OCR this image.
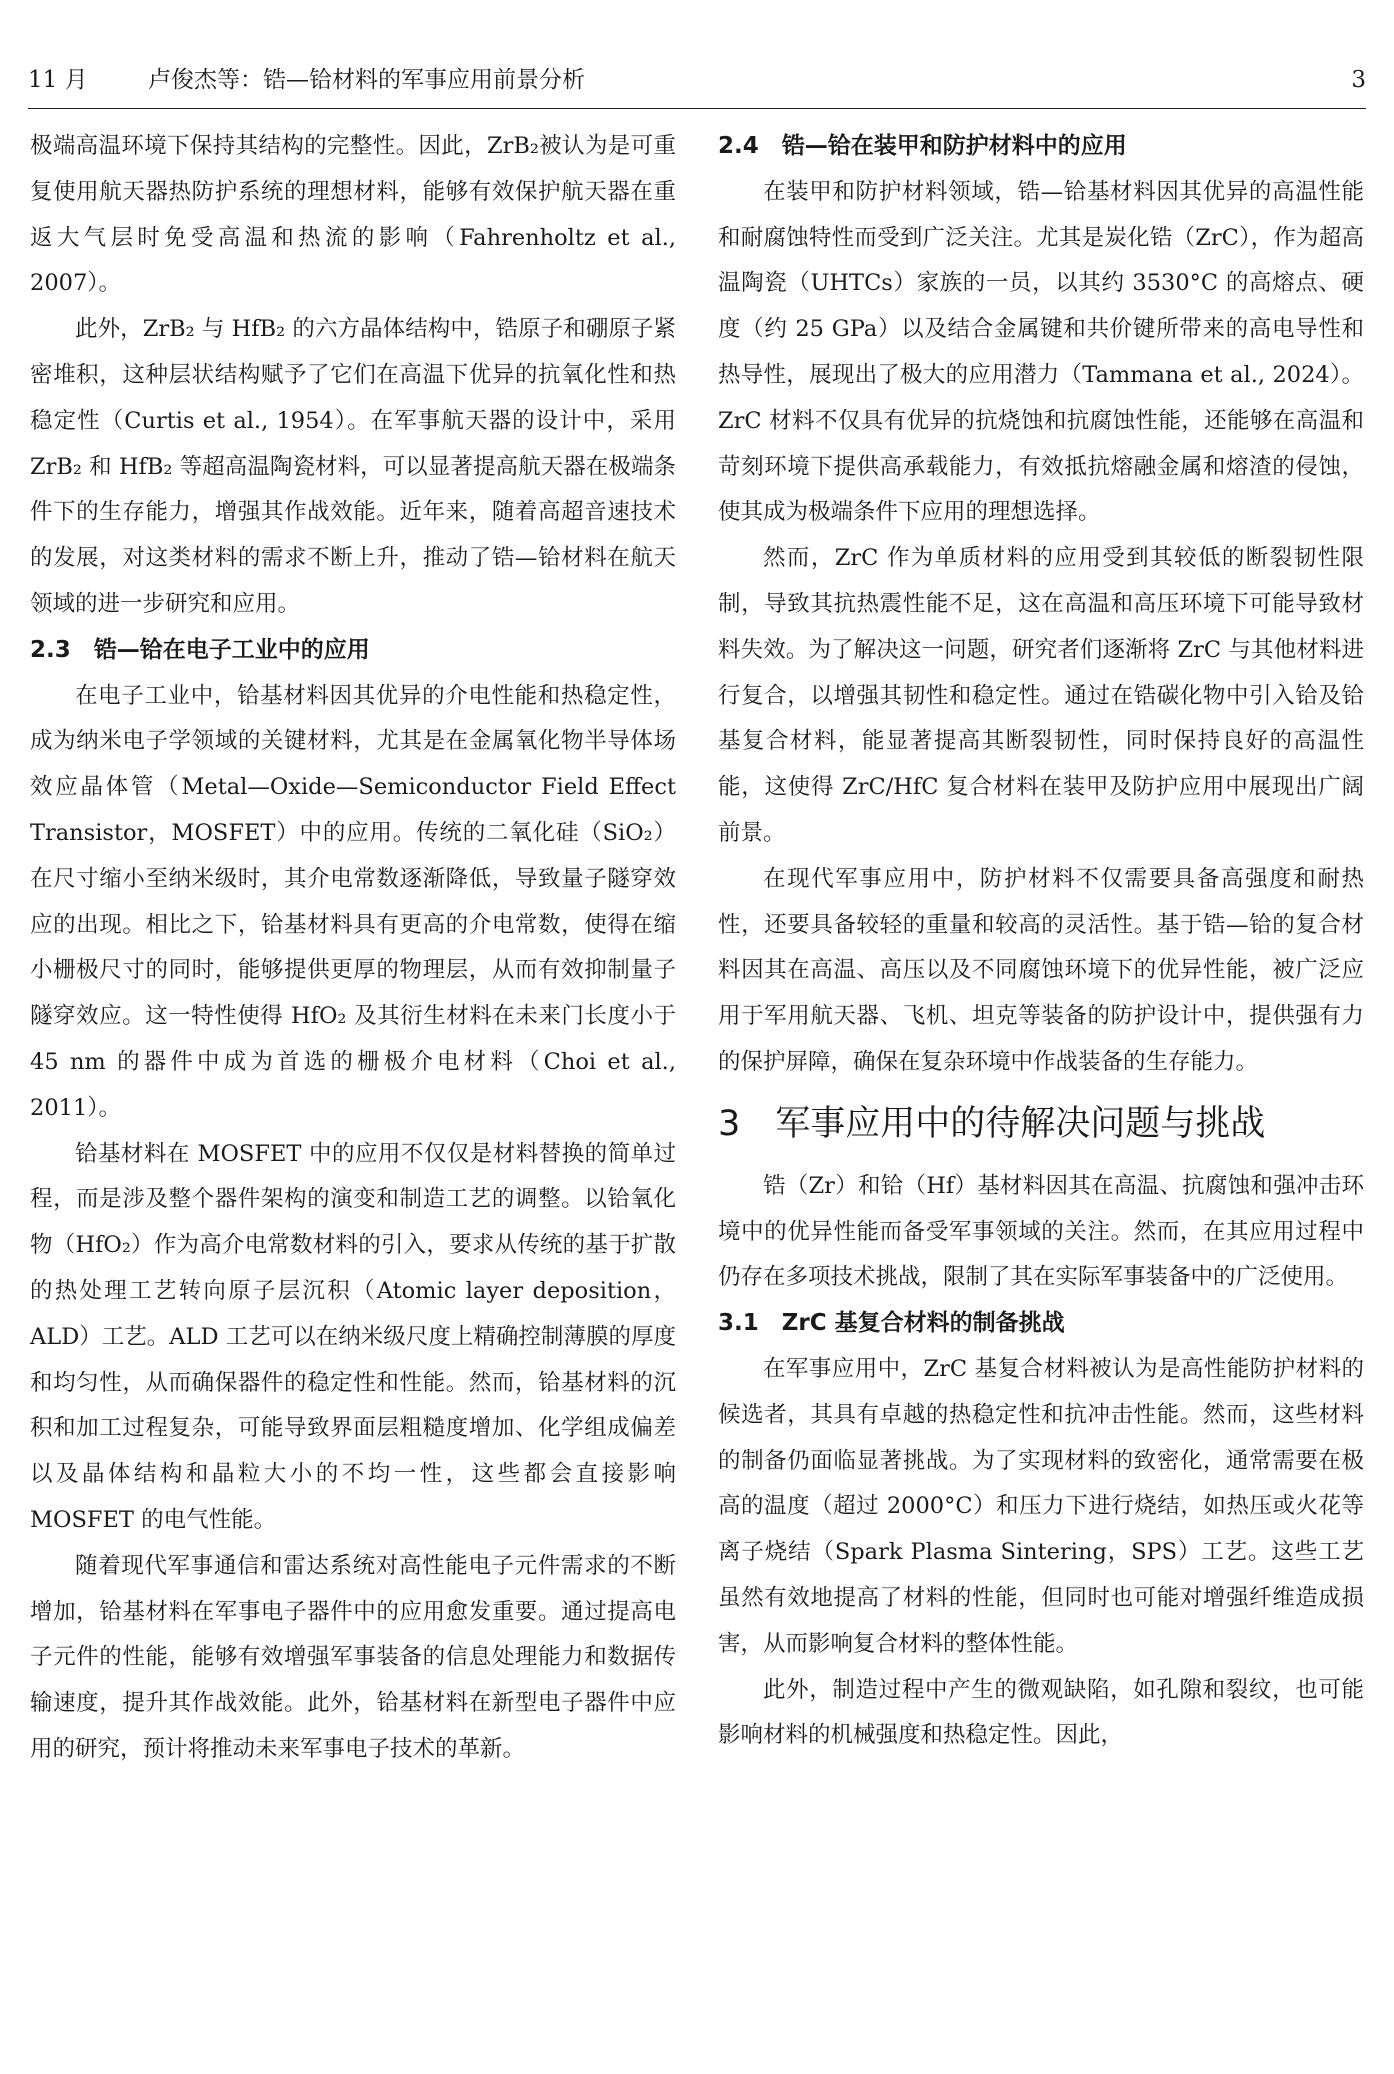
11 月	卢俊杰等：锆—铪材料的军事应用前景分析	3

极端高温环境下保持其结构的完整性。因此，ZrB₂被认为是可重复使用航天器热防护系统的理想材料，能够有效保护航天器在重返大气层时免受高温和热流的影响（Fahrenholtz et al., 2007）。

此外，ZrB₂ 与 HfB₂ 的六方晶体结构中，锆原子和硼原子紧密堆积，这种层状结构赋予了它们在高温下优异的抗氧化性和热稳定性（Curtis et al., 1954）。在军事航天器的设计中，采用 ZrB₂ 和 HfB₂ 等超高温陶瓷材料，可以显著提高航天器在极端条件下的生存能力，增强其作战效能。近年来，随着高超音速技术的发展，对这类材料的需求不断上升，推动了锆—铪材料在航天领域的进一步研究和应用。

2.3　锆—铪在电子工业中的应用

在电子工业中，铪基材料因其优异的介电性能和热稳定性，成为纳米电子学领域的关键材料，尤其是在金属氧化物半导体场效应晶体管（Metal—Oxide—Semiconductor Field Effect Transistor，MOSFET）中的应用。传统的二氧化硅（SiO₂）在尺寸缩小至纳米级时，其介电常数逐渐降低，导致量子隧穿效应的出现。相比之下，铪基材料具有更高的介电常数，使得在缩小栅极尺寸的同时，能够提供更厚的物理层，从而有效抑制量子隧穿效应。这一特性使得 HfO₂ 及其衍生材料在未来门长度小于 45 nm 的器件中成为首选的栅极介电材料（Choi et al., 2011）。

铪基材料在 MOSFET 中的应用不仅仅是材料替换的简单过程，而是涉及整个器件架构的演变和制造工艺的调整。以铪氧化物（HfO₂）作为高介电常数材料的引入，要求从传统的基于扩散的热处理工艺转向原子层沉积（Atomic layer deposition，ALD）工艺。ALD 工艺可以在纳米级尺度上精确控制薄膜的厚度和均匀性，从而确保器件的稳定性和性能。然而，铪基材料的沉积和加工过程复杂，可能导致界面层粗糙度增加、化学组成偏差以及晶体结构和晶粒大小的不均一性，这些都会直接影响 MOSFET 的电气性能。

随着现代军事通信和雷达系统对高性能电子元件需求的不断增加，铪基材料在军事电子器件中的应用愈发重要。通过提高电子元件的性能，能够有效增强军事装备的信息处理能力和数据传输速度，提升其作战效能。此外，铪基材料在新型电子器件中应用的研究，预计将推动未来军事电子技术的革新。

2.4　锆—铪在装甲和防护材料中的应用

在装甲和防护材料领域，锆—铪基材料因其优异的高温性能和耐腐蚀特性而受到广泛关注。尤其是炭化锆（ZrC），作为超高温陶瓷（UHTCs）家族的一员，以其约 3530°C 的高熔点、硬度（约 25 GPa）以及结合金属键和共价键所带来的高电导性和热导性，展现出了极大的应用潜力（Tammana et al., 2024）。ZrC 材料不仅具有优异的抗烧蚀和抗腐蚀性能，还能够在高温和苛刻环境下提供高承载能力，有效抵抗熔融金属和熔渣的侵蚀，使其成为极端条件下应用的理想选择。

然而，ZrC 作为单质材料的应用受到其较低的断裂韧性限制，导致其抗热震性能不足，这在高温和高压环境下可能导致材料失效。为了解决这一问题，研究者们逐渐将 ZrC 与其他材料进行复合，以增强其韧性和稳定性。通过在锆碳化物中引入铪及铪基复合材料，能显著提高其断裂韧性，同时保持良好的高温性能，这使得 ZrC/HfC 复合材料在装甲及防护应用中展现出广阔前景。

在现代军事应用中，防护材料不仅需要具备高强度和耐热性，还要具备较轻的重量和较高的灵活性。基于锆—铪的复合材料因其在高温、高压以及不同腐蚀环境下的优异性能，被广泛应用于军用航天器、飞机、坦克等装备的防护设计中，提供强有力的保护屏障，确保在复杂环境中作战装备的生存能力。

3　军事应用中的待解决问题与挑战

锆（Zr）和铪（Hf）基材料因其在高温、抗腐蚀和强冲击环境中的优异性能而备受军事领域的关注。然而，在其应用过程中仍存在多项技术挑战，限制了其在实际军事装备中的广泛使用。

3.1　ZrC 基复合材料的制备挑战

在军事应用中，ZrC 基复合材料被认为是高性能防护材料的候选者，其具有卓越的热稳定性和抗冲击性能。然而，这些材料的制备仍面临显著挑战。为了实现材料的致密化，通常需要在极高的温度（超过 2000°C）和压力下进行烧结，如热压或火花等离子烧结（Spark Plasma Sintering，SPS）工艺。这些工艺虽然有效地提高了材料的性能，但同时也可能对增强纤维造成损害，从而影响复合材料的整体性能。

此外，制造过程中产生的微观缺陷，如孔隙和裂纹，也可能影响材料的机械强度和热稳定性。因此，
